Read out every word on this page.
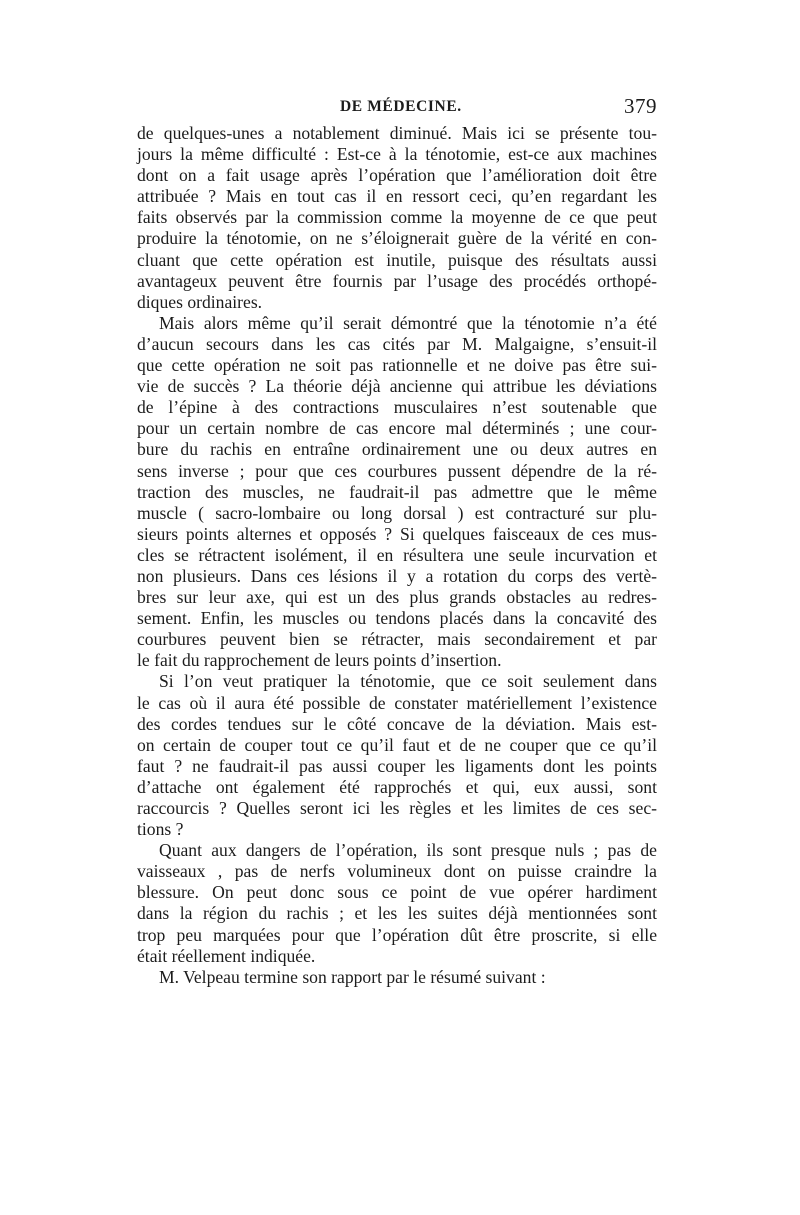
DE MÉDECINE.	379
de quelques-unes a notablement diminué. Mais ici se présente tou-
jours la même difficulté : Est-ce à la ténotomie, est-ce aux machines
dont on a fait usage après l’opération que l’amélioration doit être
attribuée ? Mais en tout cas il en ressort ceci, qu’en regardant les
faits observés par la commission comme la moyenne de ce que peut
produire la ténotomie, on ne s’éloignerait guère de la vérité en con-
cluant que cette opération est inutile, puisque des résultats aussi
avantageux peuvent être fournis par l’usage des procédés orthopé-
diques ordinaires.
Mais alors même qu’il serait démontré que la ténotomie n’a été
d’aucun secours dans les cas cités par M. Malgaigne, s’ensuit-il
que cette opération ne soit pas rationnelle et ne doive pas être sui-
vie de succès ? La théorie déjà ancienne qui attribue les déviations
de l’épine à des contractions musculaires n’est soutenable que
pour un certain nombre de cas encore mal déterminés ; une cour-
bure du rachis en entraîne ordinairement une ou deux autres en
sens inverse ; pour que ces courbures pussent dépendre de la ré-
traction des muscles, ne faudrait-il pas admettre que le même
muscle ( sacro-lombaire ou long dorsal ) est contracturé sur plu-
sieurs points alternes et opposés ? Si quelques faisceaux de ces mus-
cles se rétractent isolément, il en résultera une seule incurvation et
non plusieurs. Dans ces lésions il y a rotation du corps des vertè-
bres sur leur axe, qui est un des plus grands obstacles au redres-
sement. Enfin, les muscles ou tendons placés dans la concavité des
courbures peuvent bien se rétracter, mais secondairement et par
le fait du rapprochement de leurs points d’insertion.
Si l’on veut pratiquer la ténotomie, que ce soit seulement dans
le cas où il aura été possible de constater matériellement l’existence
des cordes tendues sur le côté concave de la déviation. Mais est-
on certain de couper tout ce qu’il faut et de ne couper que ce qu’il
faut ? ne faudrait-il pas aussi couper les ligaments dont les points
d’attache ont également été rapprochés et qui, eux aussi, sont
raccourcis ? Quelles seront ici les règles et les limites de ces sec-
tions ?
Quant aux dangers de l’opération, ils sont presque nuls ; pas de
vaisseaux , pas de nerfs volumineux dont on puisse craindre la
blessure. On peut donc sous ce point de vue opérer hardiment
dans la région du rachis ; et les les suites déjà mentionnées sont
trop peu marquées pour que l’opération dût être proscrite, si elle
était réellement indiquée.
M. Velpeau termine son rapport par le résumé suivant :
